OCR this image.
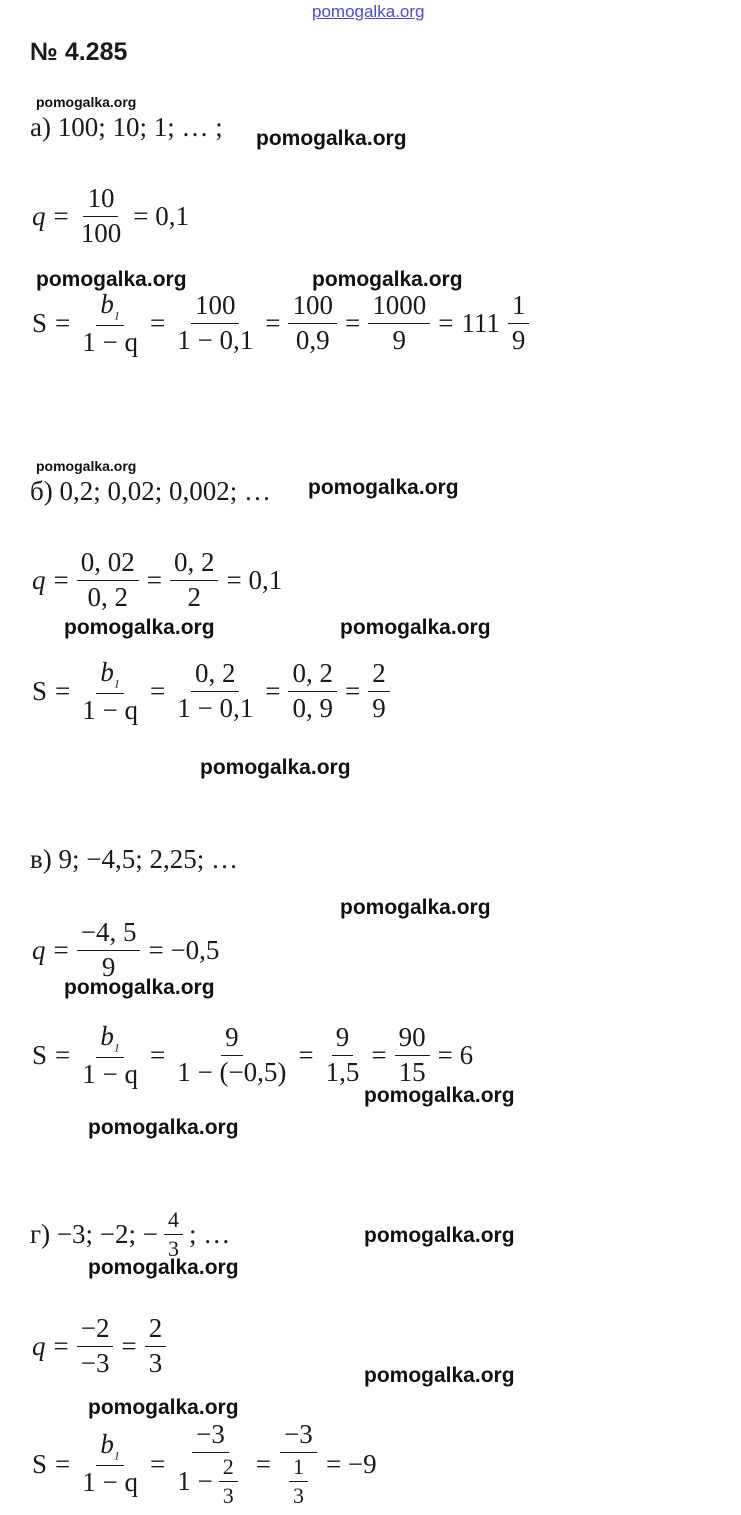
pomogalka.org
№ 4.285
pomogalka.org
а) 100; 10; 1; … ; pomogalka.org
$q = \frac{10}{100} = 0,1$
pomogalka.org	pomogalka.org
$S = \frac{b_1}{1 - q} = \frac{100}{1 - 0,1} = \frac{100}{0,9} = \frac{1000}{9} = 111 \frac{1}{9}$
pomogalka.org
б) 0,2; 0,02; 0,002; … pomogalka.org
$q = \frac{0, 02}{0, 2} = \frac{0, 2}{2} = 0,1$
pomogalka.org	pomogalka.org
$S = \frac{b_1}{1 - q} = \frac{0, 2}{1 - 0,1} = \frac{0, 2}{0, 9} = \frac{2}{9}$
pomogalka.org
в) 9; −4,5; 2,25; …
pomogalka.org
$q = \frac{-4, 5}{9} = -0,5$
pomogalka.org
$S = \frac{b_1}{1 - q} = \frac{9}{1 - (-0,5)} = \frac{9}{1,5} = \frac{90}{15} = 6$
pomogalka.org
pomogalka.org
г)
−3; −2; − $\frac{4}{3}$ ; …	pomogalka.org
pomogalka.org
$q = \frac{-2}{-3} = \frac{2}{3}$	pomogalka.org
pomogalka.org
$S = \frac{b_1}{1 - q} = \frac{-3}{1 - \frac{2}{3}} = \frac{-3}{\frac{1}{3}} = -9$
